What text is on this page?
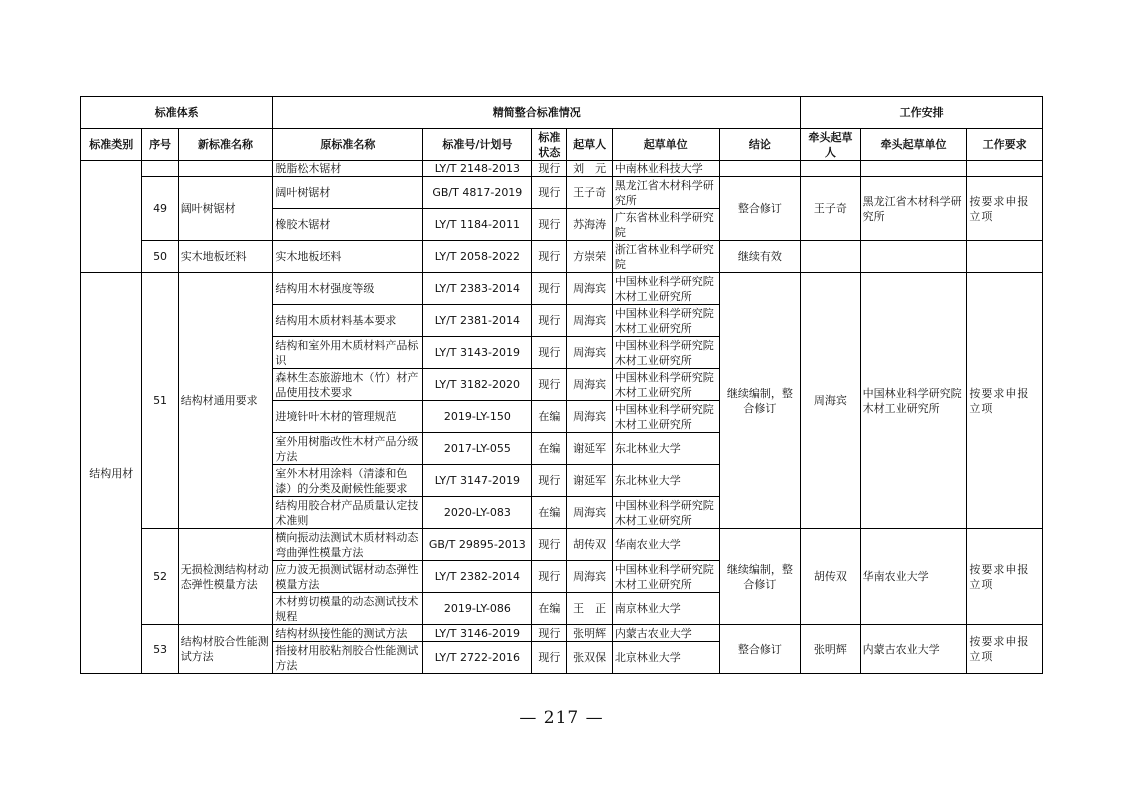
标准体系			精简整合标准情况						工作安排		
标准类别	序号	新标准名称	原标准名称	标准号/计划号	标准状态	起草人	起草单位	结论	牵头起草人	牵头起草单位	工作要求
			脱脂松木锯材	LY/T 2148-2013	现行	刘　元	中南林业科技大学				
	49	阔叶树锯材	阔叶树锯材	GB/T 4817-2019	现行	王子奇	黑龙江省木材科学研究所	整合修订	王子奇	黑龙江省木材科学研究所	按要求申报立项
			橡胶木锯材	LY/T 1184-2011	现行	苏海涛	广东省林业科学研究院				
	50	实木地板坯料	实木地板坯料	LY/T 2058-2022	现行	方崇荣	浙江省林业科学研究院	继续有效			
结构用材	51	结构材通用要求	结构用木材强度等级	LY/T 2383-2014	现行	周海宾	中国林业科学研究院木材工业研究所	继续编制，整合修订	周海宾	中国林业科学研究院木材工业研究所	按要求申报立项
			结构用木质材料基本要求	LY/T 2381-2014	现行	周海宾	中国林业科学研究院木材工业研究所				
			结构和室外用木质材料产品标识	LY/T 3143-2019	现行	周海宾	中国林业科学研究院木材工业研究所				
			森林生态旅游地木（竹）材产品使用技术要求	LY/T 3182-2020	现行	周海宾	中国林业科学研究院木材工业研究所				
			进境针叶木材的管理规范	2019-LY-150	在编	周海宾	中国林业科学研究院木材工业研究所				
			室外用树脂改性木材产品分级方法	2017-LY-055	在编	谢延军	东北林业大学				
			室外木材用涂料（清漆和色漆）的分类及耐候性能要求	LY/T 3147-2019	现行	谢延军	东北林业大学				
			结构用胶合材产品质量认定技术准则	2020-LY-083	在编	周海宾	中国林业科学研究院木材工业研究所				
	52	无损检测结构材动态弹性模量方法	横向振动法测试木质材料动态弯曲弹性模量方法	GB/T 29895-2013	现行	胡传双	华南农业大学	继续编制，整合修订	胡传双	华南农业大学	按要求申报立项
			应力波无损测试锯材动态弹性模量方法	LY/T 2382-2014	现行	周海宾	中国林业科学研究院木材工业研究所				
			木材剪切模量的动态测试技术规程	2019-LY-086	在编	王　正	南京林业大学				
	53	结构材胶合性能测试方法	结构材纵接性能的测试方法	LY/T 3146-2019	现行	张明辉	内蒙古农业大学	整合修订	张明辉	内蒙古农业大学	按要求申报立项
			指接材用胶粘剂胶合性能测试方法	LY/T 2722-2016	现行	张双保	北京林业大学				
— 217 —
